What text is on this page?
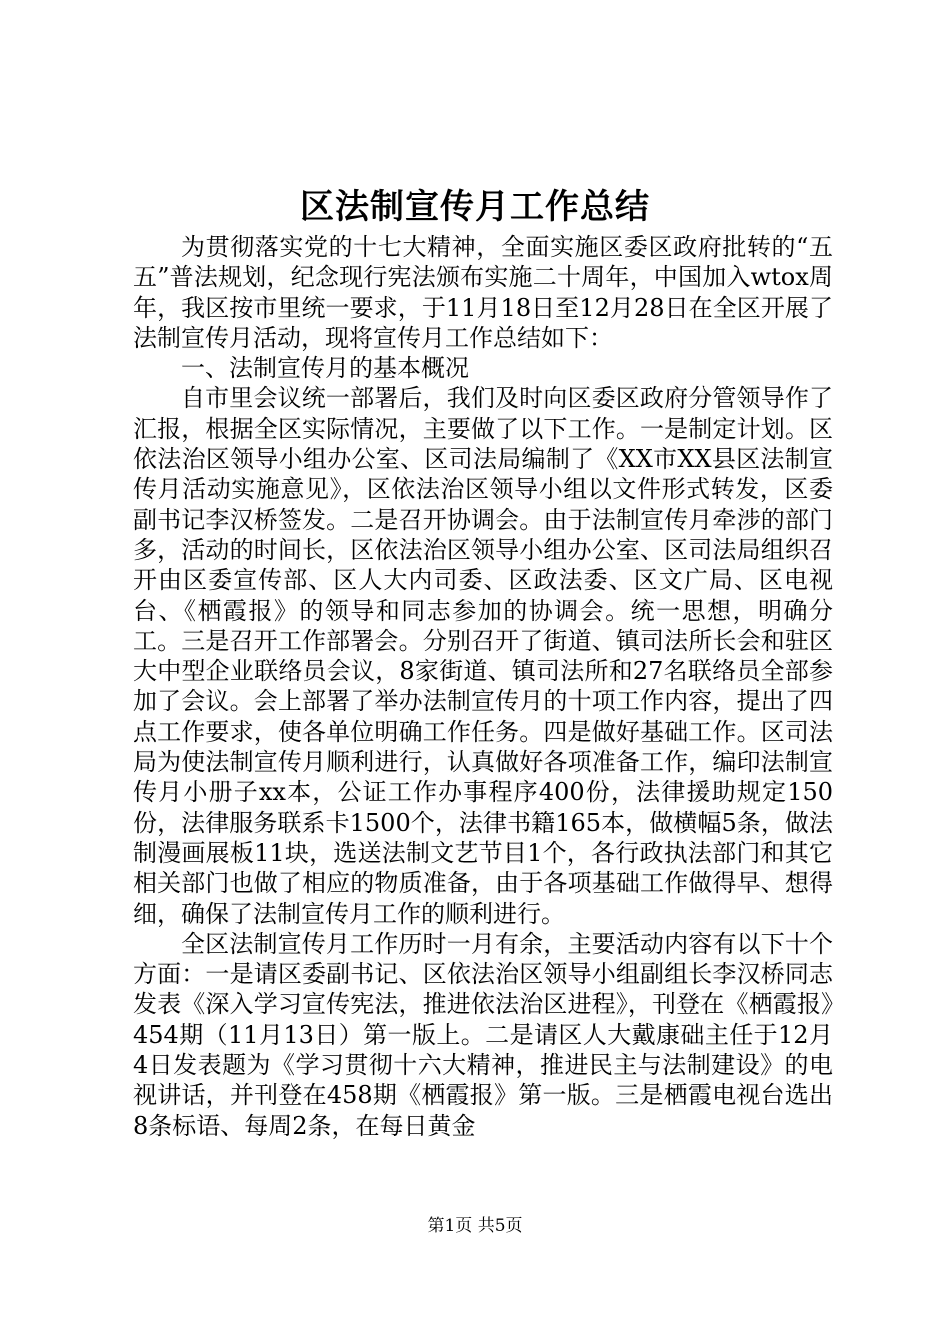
区法制宣传月工作总结

为贯彻落实党的十七大精神，全面实施区委区政府批转的“五五”普法规划，纪念现行宪法颁布实施二十周年，中国加入wtox周年，我区按市里统一要求，于11月18日至12月28日在全区开展了法制宣传月活动，现将宣传月工作总结如下：

一、法制宣传月的基本概况

自市里会议统一部署后，我们及时向区委区政府分管领导作了汇报，根据全区实际情况，主要做了以下工作。一是制定计划。区依法治区领导小组办公室、区司法局编制了《XX市XX县区法制宣传月活动实施意见》，区依法治区领导小组以文件形式转发，区委副书记李汉桥签发。二是召开协调会。由于法制宣传月牵涉的部门多，活动的时间长，区依法治区领导小组办公室、区司法局组织召开由区委宣传部、区人大内司委、区政法委、区文广局、区电视台、《栖霞报》的领导和同志参加的协调会。统一思想，明确分工。三是召开工作部署会。分别召开了街道、镇司法所长会和驻区大中型企业联络员会议，8家街道、镇司法所和27名联络员全部参加了会议。会上部署了举办法制宣传月的十项工作内容，提出了四点工作要求，使各单位明确工作任务。四是做好基础工作。区司法局为使法制宣传月顺利进行，认真做好各项准备工作，编印法制宣传月小册子xx本，公证工作办事程序400份，法律援助规定150份，法律服务联系卡1500个，法律书籍165本，做横幅5条，做法制漫画展板11块，选送法制文艺节目1个，各行政执法部门和其它相关部门也做了相应的物质准备，由于各项基础工作做得早、想得细，确保了法制宣传月工作的顺利进行。

全区法制宣传月工作历时一月有余，主要活动内容有以下十个方面：一是请区委副书记、区依法治区领导小组副组长李汉桥同志发表《深入学习宣传宪法，推进依法治区进程》，刊登在《栖霞报》454期（11月13日）第一版上。二是请区人大戴康础主任于12月4日发表题为《学习贯彻十六大精神，推进民主与法制建设》的电视讲话，并刊登在458期《栖霞报》第一版。三是栖霞电视台选出8条标语、每周2条，在每日黄金

第1页 共5页
